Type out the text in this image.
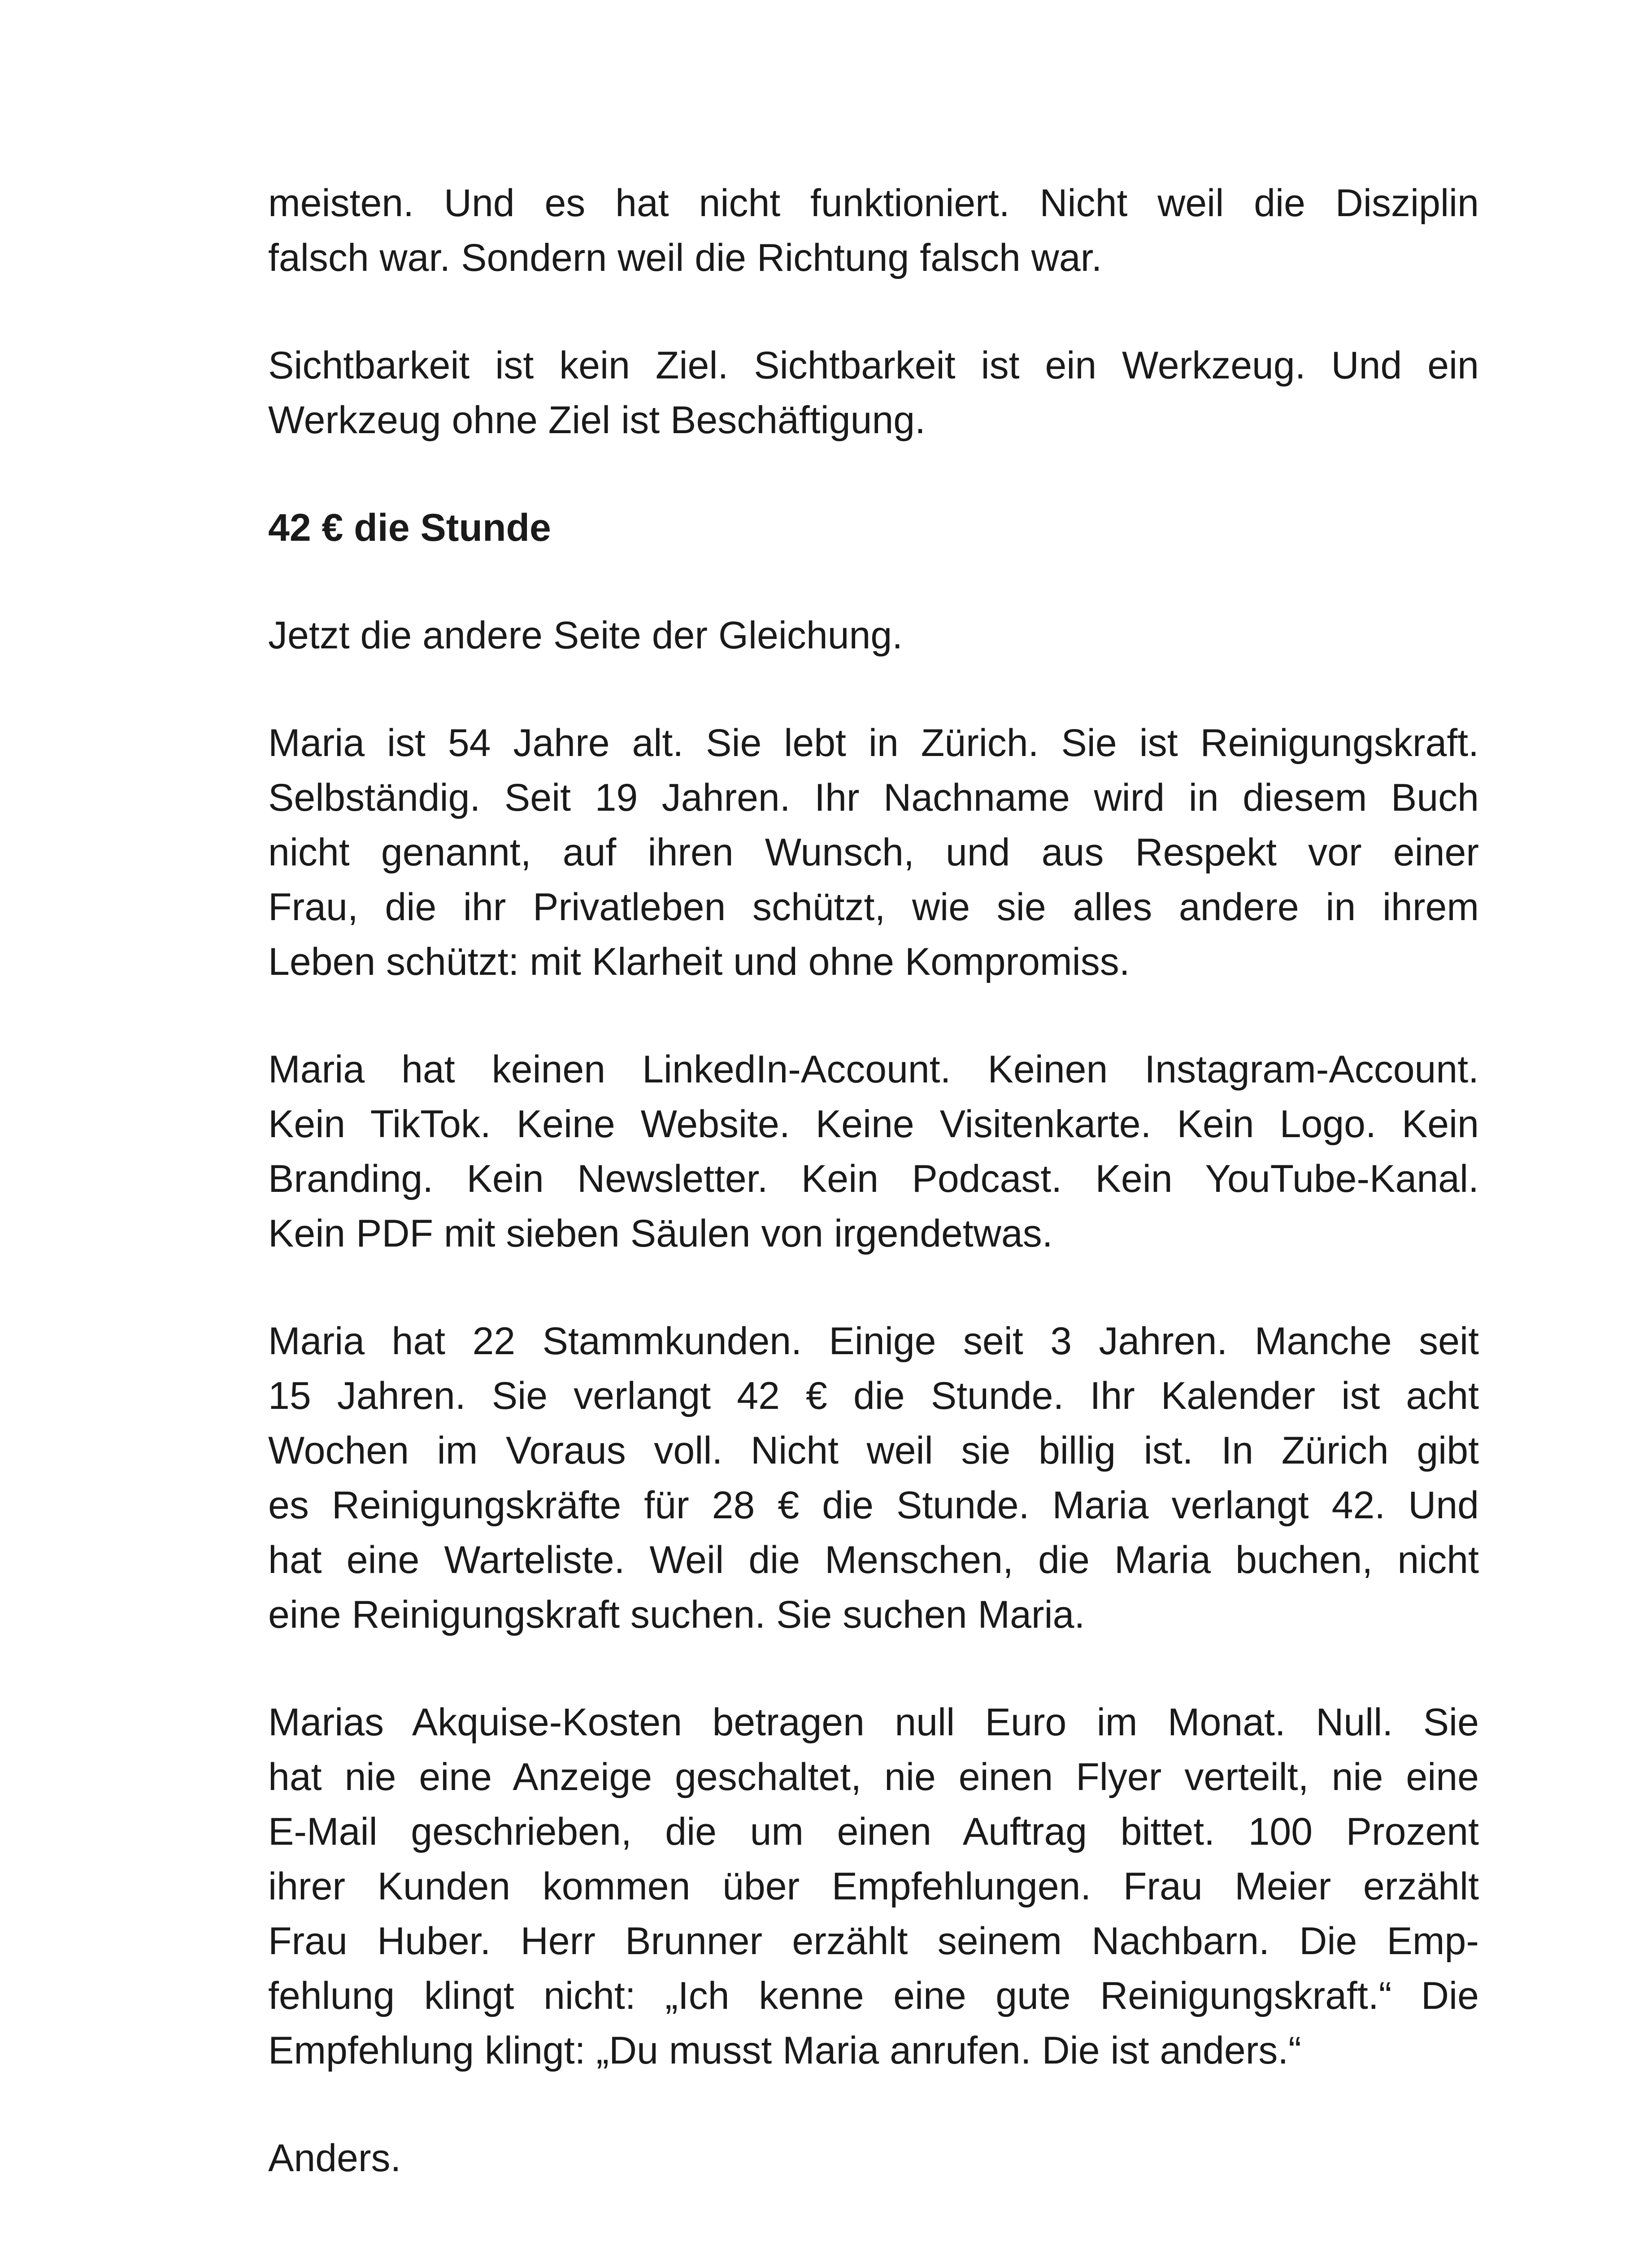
meisten. Und es hat nicht funktioniert. Nicht weil die Disziplin
falsch war. Sondern weil die Richtung falsch war.
Sichtbarkeit ist kein Ziel. Sichtbarkeit ist ein Werkzeug. Und ein
Werkzeug ohne Ziel ist Beschäftigung.
42 € die Stunde
Jetzt die andere Seite der Gleichung.
Maria ist 54 Jahre alt. Sie lebt in Zürich. Sie ist Reinigungskraft.
Selbständig. Seit 19 Jahren. Ihr Nachname wird in diesem Buch
nicht genannt, auf ihren Wunsch, und aus Respekt vor einer
Frau, die ihr Privatleben schützt, wie sie alles andere in ihrem
Leben schützt: mit Klarheit und ohne Kompromiss.
Maria hat keinen LinkedIn-Account. Keinen Instagram-Account.
Kein TikTok. Keine Website. Keine Visitenkarte. Kein Logo. Kein
Branding. Kein Newsletter. Kein Podcast. Kein YouTube-Kanal.
Kein PDF mit sieben Säulen von irgendetwas.
Maria hat 22 Stammkunden. Einige seit 3 Jahren. Manche seit
15 Jahren. Sie verlangt 42 € die Stunde. Ihr Kalender ist acht
Wochen im Voraus voll. Nicht weil sie billig ist. In Zürich gibt
es Reinigungskräfte für 28 € die Stunde. Maria verlangt 42. Und
hat eine Warteliste. Weil die Menschen, die Maria buchen, nicht
eine Reinigungskraft suchen. Sie suchen Maria.
Marias Akquise-Kosten betragen null Euro im Monat. Null. Sie
hat nie eine Anzeige geschaltet, nie einen Flyer verteilt, nie eine
E-Mail geschrieben, die um einen Auftrag bittet. 100 Prozent
ihrer Kunden kommen über Empfehlungen. Frau Meier erzählt
Frau Huber. Herr Brunner erzählt seinem Nachbarn. Die Emp-
fehlung klingt nicht: „Ich kenne eine gute Reinigungskraft.“ Die
Empfehlung klingt: „Du musst Maria anrufen. Die ist anders.“
Anders.
